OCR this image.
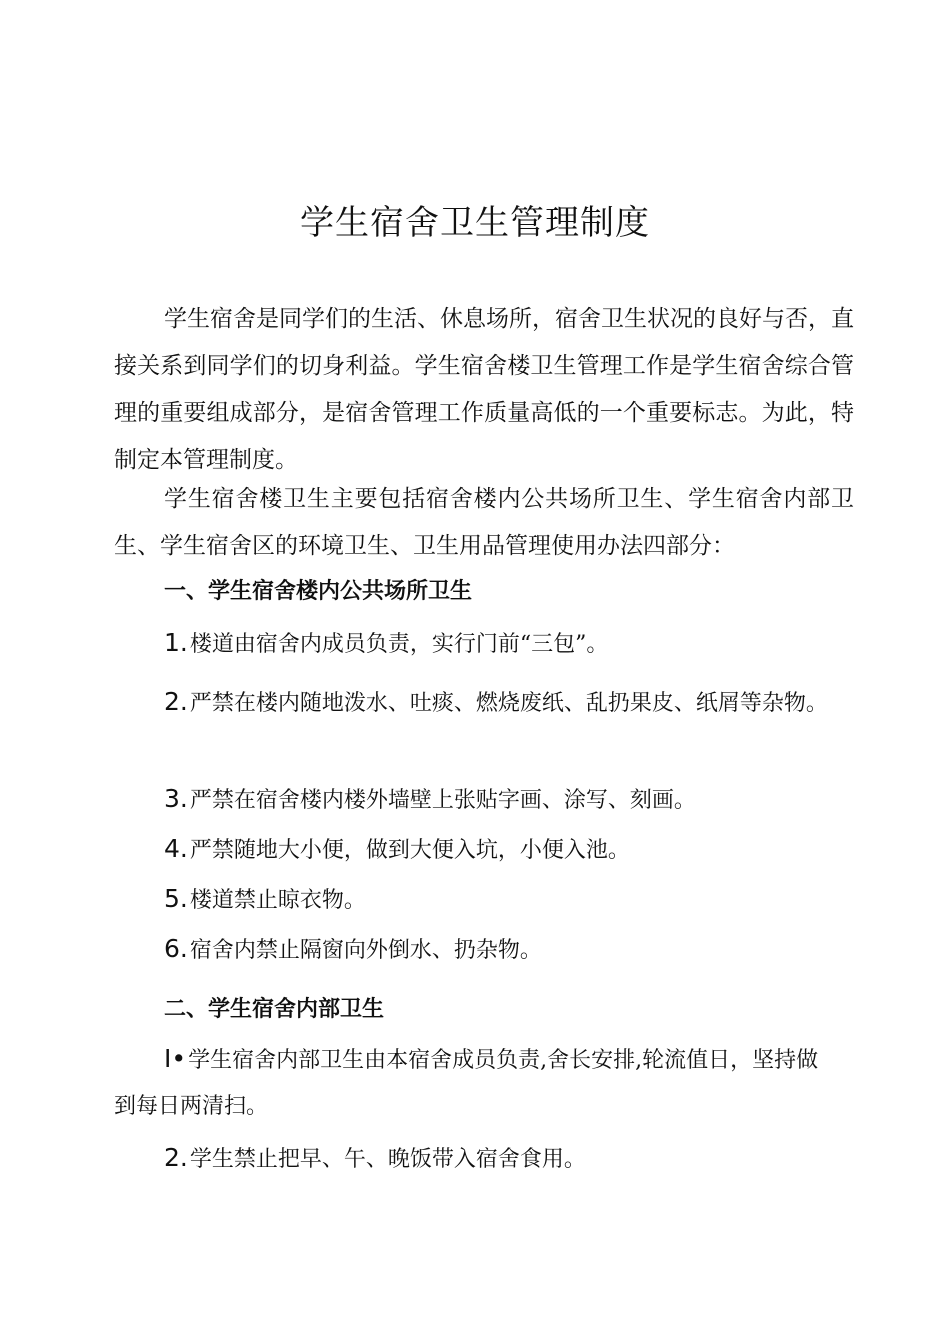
学生宿舍卫生管理制度

学生宿舍是同学们的生活、休息场所，宿舍卫生状况的良好与否，直接关系到同学们的切身利益。学生宿舍楼卫生管理工作是学生宿舍综合管理的重要组成部分，是宿舍管理工作质量高低的一个重要标志。为此，特制定本管理制度。

学生宿舍楼卫生主要包括宿舍楼内公共场所卫生、学生宿舍内部卫生、学生宿舍区的环境卫生、卫生用品管理使用办法四部分：

一、学生宿舍楼内公共场所卫生

1.楼道由宿舍内成员负责，实行门前“三包”。

2.严禁在楼内随地泼水、吐痰、燃烧废纸、乱扔果皮、纸屑等杂物。

3.严禁在宿舍楼内楼外墙壁上张贴字画、涂写、刻画。

4.严禁随地大小便，做到大便入坑，小便入池。

5.楼道禁止晾衣物。

6.宿舍内禁止隔窗向外倒水、扔杂物。

二、学生宿舍内部卫生

I•学生宿舍内部卫生由本宿舍成员负责,舍长安排,轮流值日，坚持做到每日两清扫。

2.学生禁止把早、午、晚饭带入宿舍食用。
